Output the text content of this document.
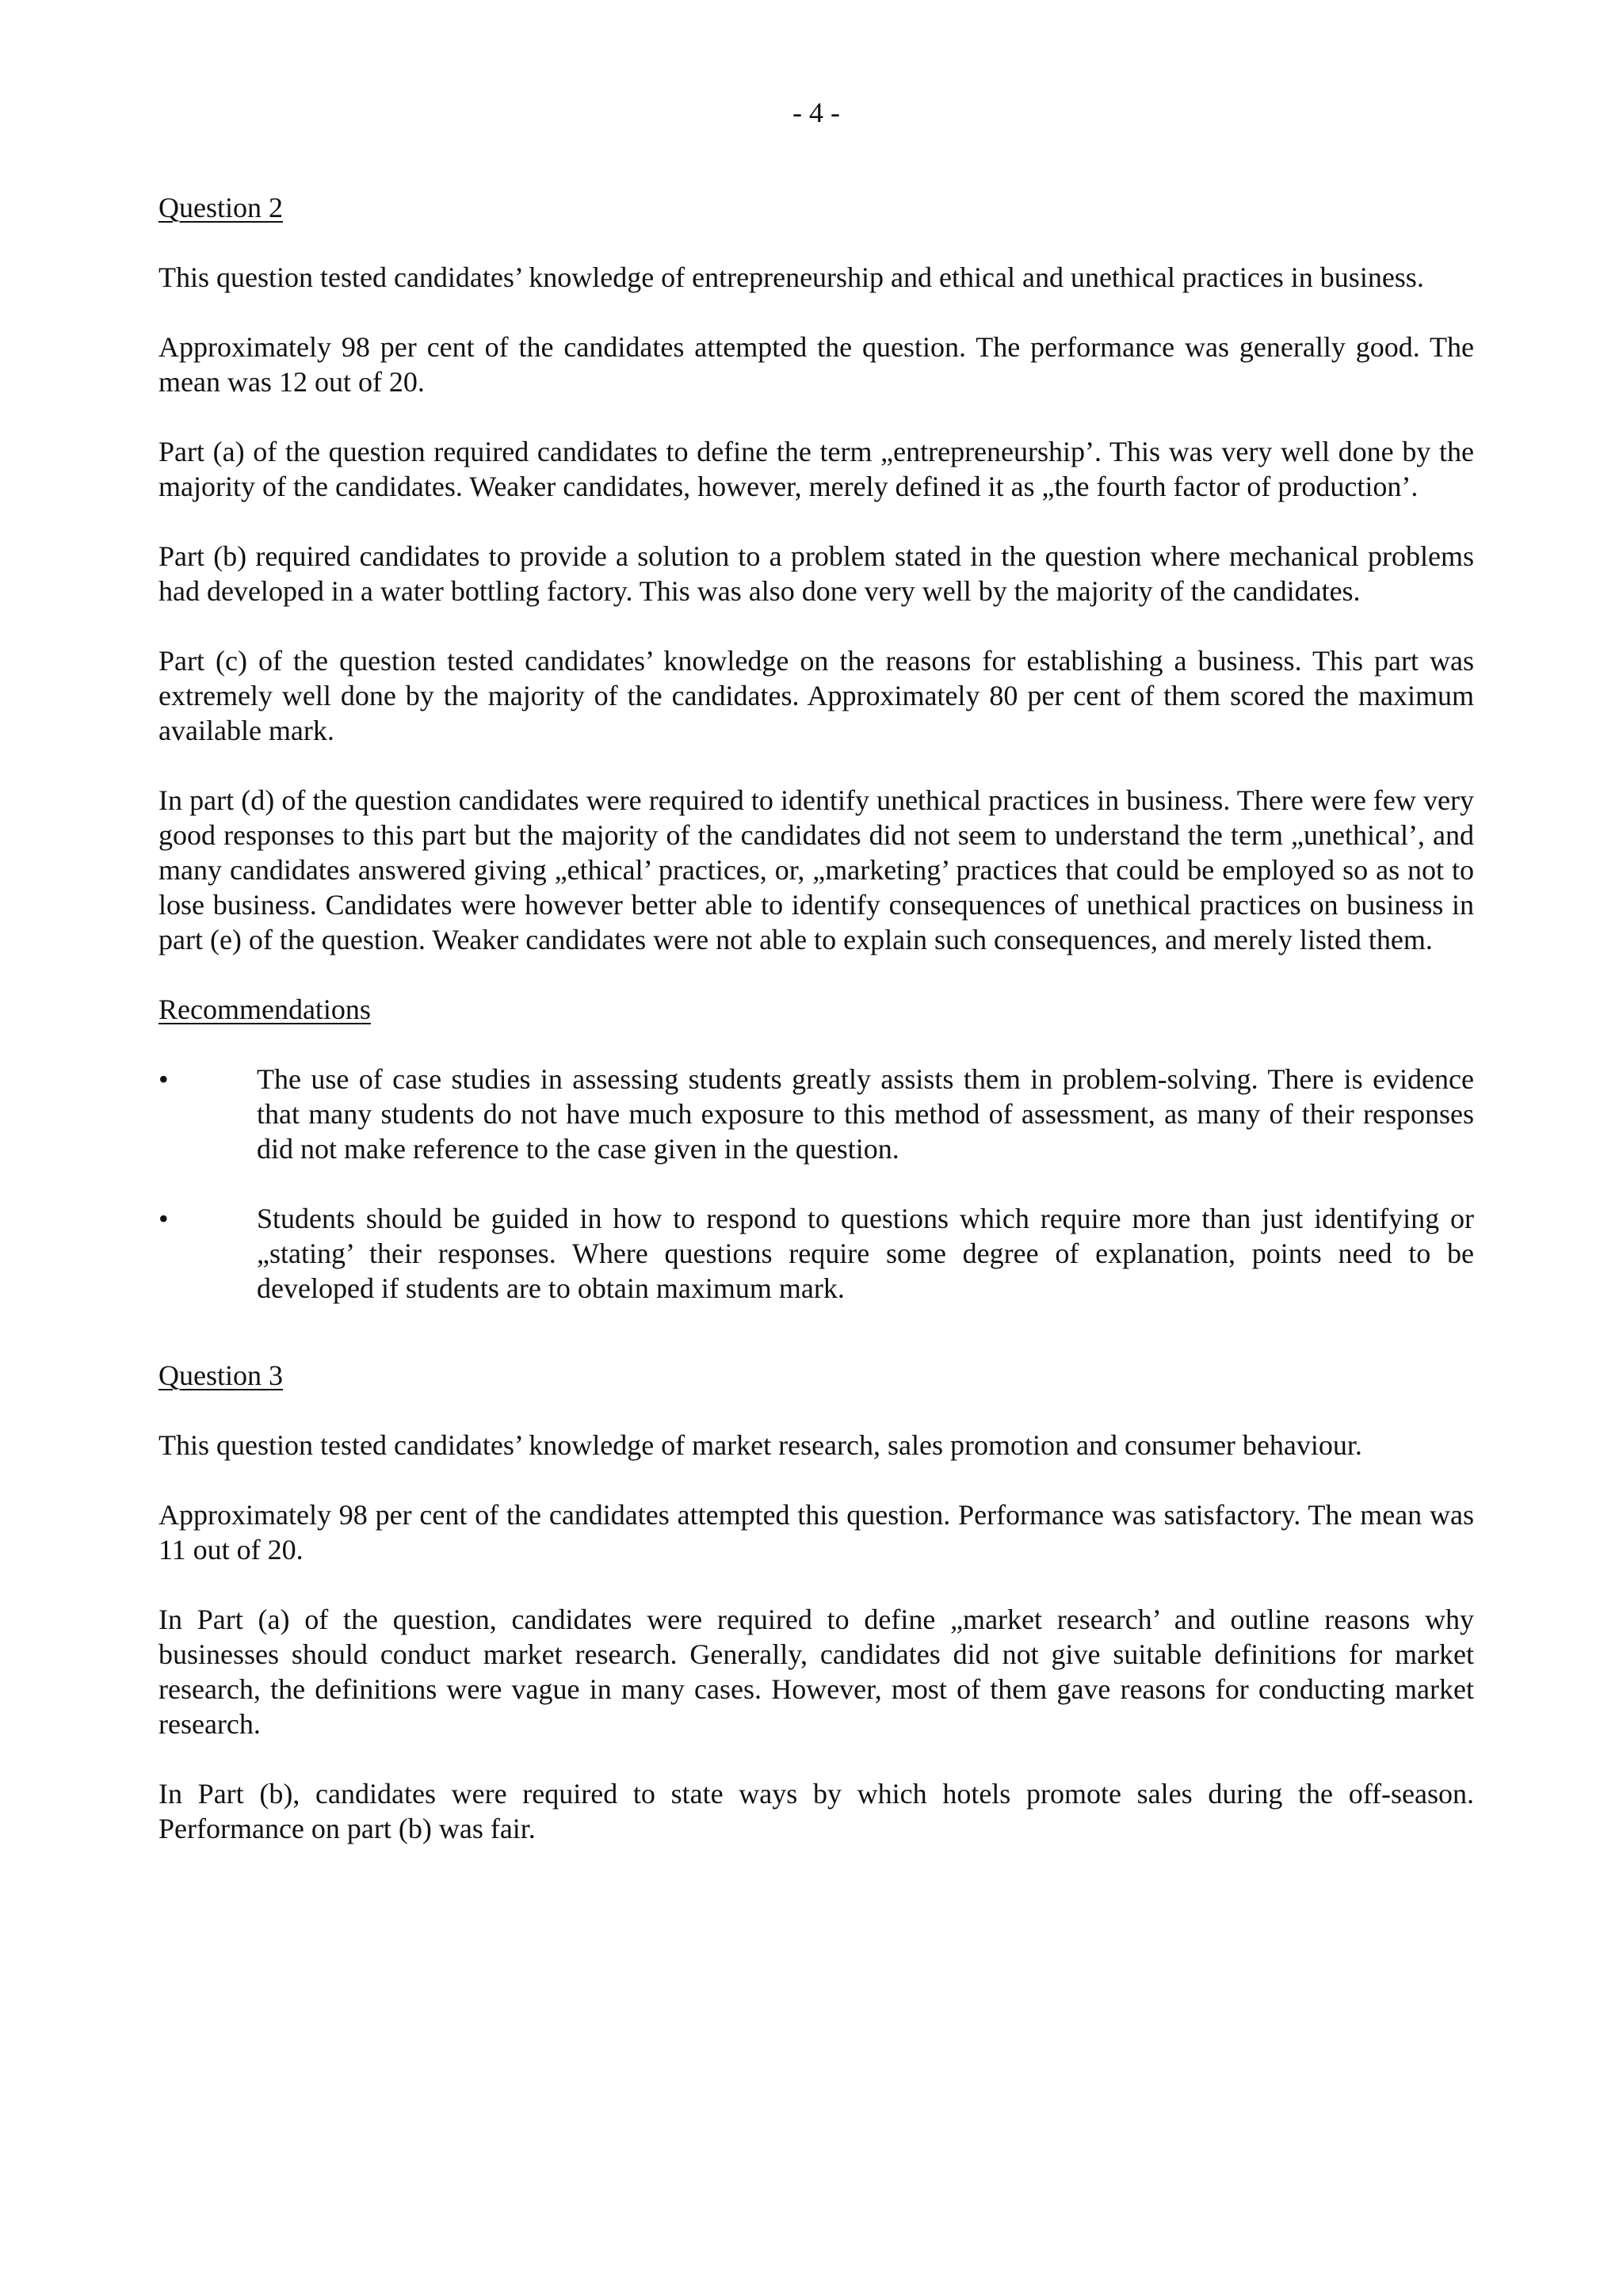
- 4 -
Question 2

This question tested candidates’ knowledge of entrepreneurship and ethical and unethical practices in business.

Approximately 98 per cent of the candidates attempted the question. The performance was generally good. The mean was 12 out of 20.

Part (a) of the question required candidates to define the term „entrepreneurship’. This was very well done by the majority of the candidates. Weaker candidates, however, merely defined it as „the fourth factor of production’.

Part (b) required candidates to provide a solution to a problem stated in the question where mechanical problems had developed in a water bottling factory. This was also done very well by the majority of the candidates.

Part (c) of the question tested candidates’ knowledge on the reasons for establishing a business. This part was extremely well done by the majority of the candidates. Approximately 80 per cent of them scored the maximum available mark.

In part (d) of the question candidates were required to identify unethical practices in business. There were few very good responses to this part but the majority of the candidates did not seem to understand the term „unethical’, and many candidates answered giving „ethical’ practices, or, „marketing’ practices that could be employed so as not to lose business. Candidates were however better able to identify consequences of unethical practices on business in part (e) of the question. Weaker candidates were not able to explain such consequences, and merely listed them.

Recommendations
•	The use of case studies in assessing students greatly assists them in problem-solving. There is evidence that many students do not have much exposure to this method of assessment, as many of their responses did not make reference to the case given in the question.
•	Students should be guided in how to respond to questions which require more than just identifying or „stating’ their responses. Where questions require some degree of explanation, points need to be developed if students are to obtain maximum mark.
Question 3

This question tested candidates’ knowledge of market research, sales promotion and consumer behaviour.

Approximately 98 per cent of the candidates attempted this question. Performance was satisfactory. The mean was 11 out of 20.

In Part (a) of the question, candidates were required to define „market research’ and outline reasons why businesses should conduct market research. Generally, candidates did not give suitable definitions for market research, the definitions were vague in many cases. However, most of them gave reasons for conducting market research.

In Part (b), candidates were required to state ways by which hotels promote sales during the off-season. Performance on part (b) was fair.
